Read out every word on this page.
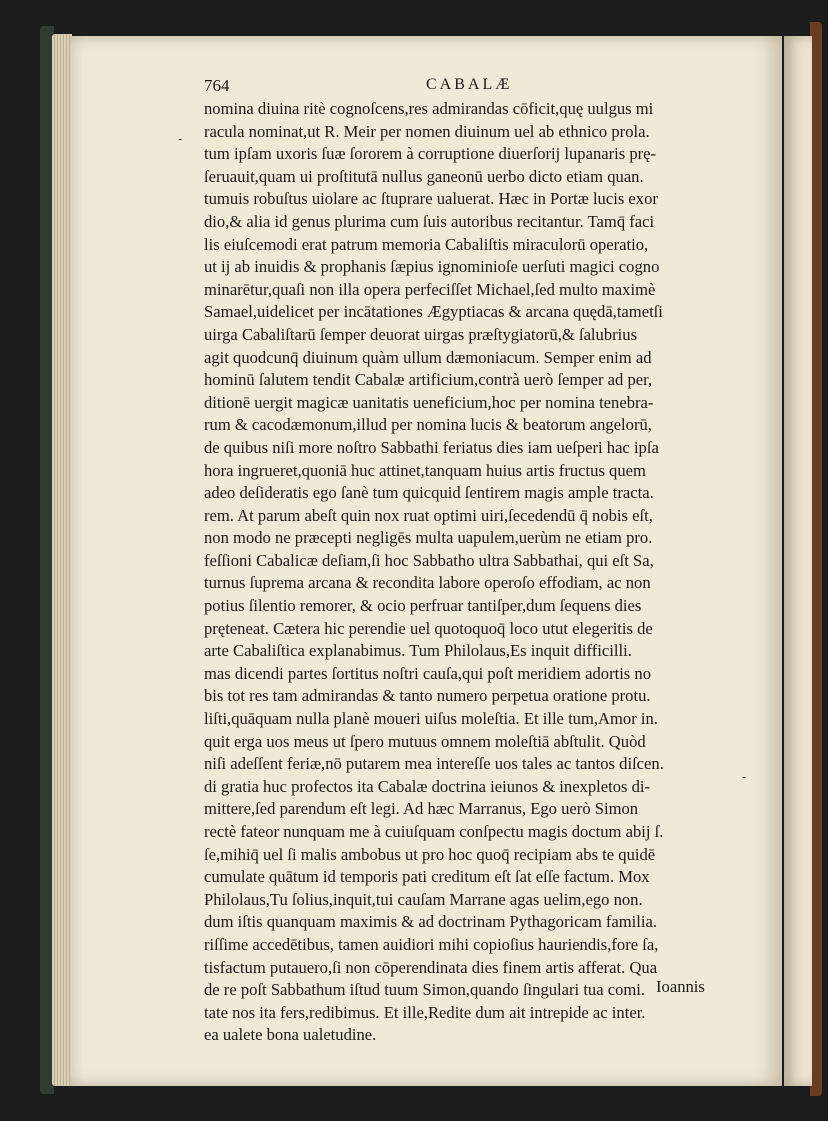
764	CABALÆ
-
-
nomina diuina ritè cognoſcens,res admirandas cōficit,quę uulgus mi
racula nominat,ut R. Meir per nomen diuinum uel ab ethnico prola.
tum ipſam uxoris ſuæ ſororem à corruptione diuerſorij lupanaris prę-
ſeruauit,quam ui proſtitutā nullus ganeonū uerbo dicto etiam quan.
tumuis robuſtus uiolare ac ſtuprare ualuerat. Hæc in Portæ lucis exor
dio,& alia id genus plurima cum ſuis autoribus recitantur. Tamq̄ faci
lis eiuſcemodi erat patrum memoria Cabaliſtis miraculorū operatio,
ut ij ab inuidis & prophanis ſæpius ignominioſe uerſuti magici cogno
minarētur,quaſi non illa opera perfeciſſet Michael,ſed multo maximè
Samael,uidelicet per incātationes Ægyptiacas & arcana quędā,tametſi
uirga Cabaliſtarū ſemper deuorat uirgas præſtygiatorū,& ſalubrius
agit quodcunq̄ diuinum quàm ullum dæmoniacum. Semper enim ad
hominū ſalutem tendit Cabalæ artificium,contrà uerò ſemper ad per,
ditionē uergit magicæ uanitatis ueneficium,hoc per nomina tenebra-
rum & cacodæmonum,illud per nomina lucis & beatorum angelorū,
de quibus niſi more noſtro Sabbathi feriatus dies iam ueſperi hac ipſa
hora ingrueret,quoniā huc attinet,tanquam huius artis fructus quem
adeo deſideratis ego ſanè tum quicquid ſentirem magis ample tracta.
rem. At parum abeſt quin nox ruat optimi uiri,ſecedendū q̄ nobis eſt,
non modo ne præcepti negligēs multa uapulem,uerùm ne etiam pro.
feſſioni Cabalicæ deſiam,ſi hoc Sabbatho ultra Sabbathai, qui eſt Sa,
turnus ſuprema arcana & recondita labore operoſo effodiam, ac non
potius ſilentio remorer, & ocio perfruar tantiſper,dum ſequens dies
pręteneat. Cætera hic perendie uel quotoquoq̄ loco utut elegeritis de
arte Cabaliſtica explanabimus. Tum Philolaus,Es inquit difficilli.
mas dicendi partes ſortitus noſtri cauſa,qui poſt meridiem adortis no
bis tot res tam admirandas & tanto numero perpetua oratione protu.
liſti,quāquam nulla planè moueri uiſus moleſtia. Et ille tum,Amor in.
quit erga uos meus ut ſpero mutuus omnem moleſtiā abſtulit. Quòd
niſi adeſſent feriæ,nō putarem mea intereſſe uos tales ac tantos diſcen.
di gratia huc profectos ita Cabalæ doctrina ieiunos & inexpletos di-
mittere,ſed parendum eſt legi. Ad hæc Marranus, Ego uerò Simon
rectè fateor nunquam me à cuiuſquam conſpectu magis doctum abij ſ.
ſe,mihiq̄ uel ſi malis ambobus ut pro hoc quoq̄ recipiam abs te quidē
cumulate quātum id temporis pati creditum eſt ſat eſſe factum. Mox
Philolaus,Tu ſolius,inquit,tui cauſam Marrane agas uelim,ego non.
dum iſtis quanquam maximis & ad doctrinam Pythagoricam familia.
riſſime accedētibus, tamen auidiori mihi copioſius hauriendis,fore ſa,
tisfactum putauero,ſi non cōperendinata dies finem artis afferat. Qua
de re poſt Sabbathum iſtud tuum Simon,quando ſingulari tua comi.
tate nos ita fers,redibimus. Et ille,Redite dum ait intrepide ac inter.
ea ualete bona ualetudine.
Ioannis
